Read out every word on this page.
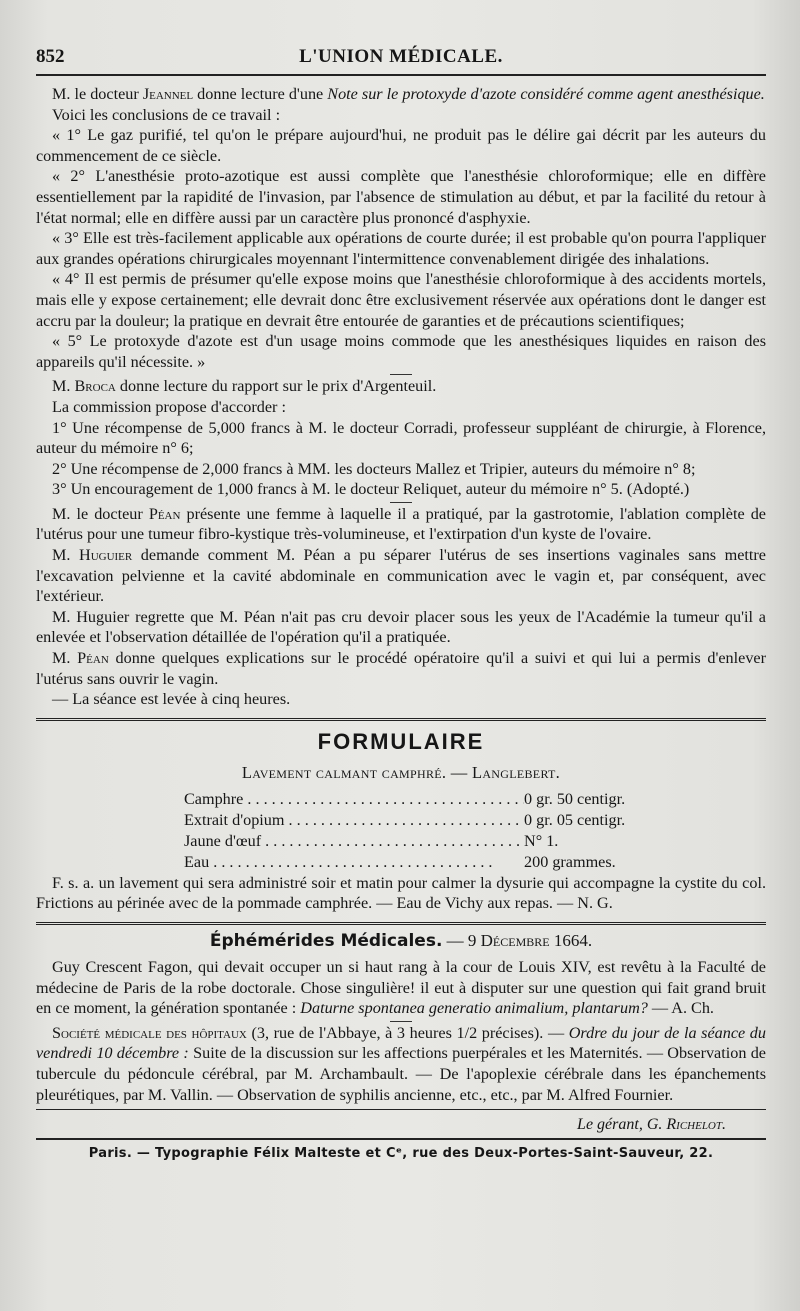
852	L'UNION MÉDICALE.

M. le docteur Jeannel donne lecture d'une Note sur le protoxyde d'azote considéré comme agent anesthésique.

Voici les conclusions de ce travail :

« 1° Le gaz purifié, tel qu'on le prépare aujourd'hui, ne produit pas le délire gai décrit par les auteurs du commencement de ce siècle.

« 2° L'anesthésie proto-azotique est aussi complète que l'anesthésie chloroformique; elle en diffère essentiellement par la rapidité de l'invasion, par l'absence de stimulation au début, et par la facilité du retour à l'état normal; elle en diffère aussi par un caractère plus prononcé d'asphyxie.

« 3° Elle est très-facilement applicable aux opérations de courte durée; il est probable qu'on pourra l'appliquer aux grandes opérations chirurgicales moyennant l'intermittence convenablement dirigée des inhalations.

« 4° Il est permis de présumer qu'elle expose moins que l'anesthésie chloroformique à des accidents mortels, mais elle y expose certainement; elle devrait donc être exclusivement réservée aux opérations dont le danger est accru par la douleur; la pratique en devrait être entourée de garanties et de précautions scientifiques;

« 5° Le protoxyde d'azote est d'un usage moins commode que les anesthésiques liquides en raison des appareils qu'il nécessite. »

M. Broca donne lecture du rapport sur le prix d'Argenteuil.

La commission propose d'accorder :

1° Une récompense de 5,000 francs à M. le docteur Corradi, professeur suppléant de chirurgie, à Florence, auteur du mémoire n° 6;

2° Une récompense de 2,000 francs à MM. les docteurs Mallez et Tripier, auteurs du mémoire n° 8;

3° Un encouragement de 1,000 francs à M. le docteur Reliquet, auteur du mémoire n° 5. (Adopté.)

M. le docteur Péan présente une femme à laquelle il a pratiqué, par la gastrotomie, l'ablation complète de l'utérus pour une tumeur fibro-kystique très-volumineuse, et l'extirpation d'un kyste de l'ovaire.

M. Huguier demande comment M. Péan a pu séparer l'utérus de ses insertions vaginales sans mettre l'excavation pelvienne et la cavité abdominale en communication avec le vagin et, par conséquent, avec l'extérieur.

M. Huguier regrette que M. Péan n'ait pas cru devoir placer sous les yeux de l'Académie la tumeur qu'il a enlevée et l'observation détaillée de l'opération qu'il a pratiquée.

M. Péan donne quelques explications sur le procédé opératoire qu'il a suivi et qui lui a permis d'enlever l'utérus sans ouvrir le vagin.

— La séance est levée à cinq heures.

FORMULAIRE
Lavement calmant camphré. — Langlebert.
Camphre . . .	0 gr. 50 centigr.
Extrait d'opium . . .	0 gr. 05 centigr.
Jaune d'œuf . . .	N° 1.
Eau . . .	200 grammes.

F. s. a. un lavement qui sera administré soir et matin pour calmer la dysurie qui accompagne la cystite du col. Frictions au périnée avec de la pommade camphrée. — Eau de Vichy aux repas. — N. G.

Éphémérides Médicales. — 9 Décembre 1664.

Guy Crescent Fagon, qui devait occuper un si haut rang à la cour de Louis XIV, est revêtu à la Faculté de médecine de Paris de la robe doctorale. Chose singulière! il eut à disputer sur une question qui fait grand bruit en ce moment, la génération spontanée : Daturne spontanea generatio animalium, plantarum? — A. Ch.

Société médicale des hôpitaux (3, rue de l'Abbaye, à 3 heures 1/2 précises). — Ordre du jour de la séance du vendredi 10 décembre : Suite de la discussion sur les affections puerpérales et les Maternités. — Observation de tubercule du pédoncule cérébral, par M. Archambault. — De l'apoplexie cérébrale dans les épanchements pleurétiques, par M. Vallin. — Observation de syphilis ancienne, etc., etc., par M. Alfred Fournier.

Le gérant, G. Richelot.
Paris. — Typographie Félix Malteste et Cᵉ, rue des Deux-Portes-Saint-Sauveur, 22.
